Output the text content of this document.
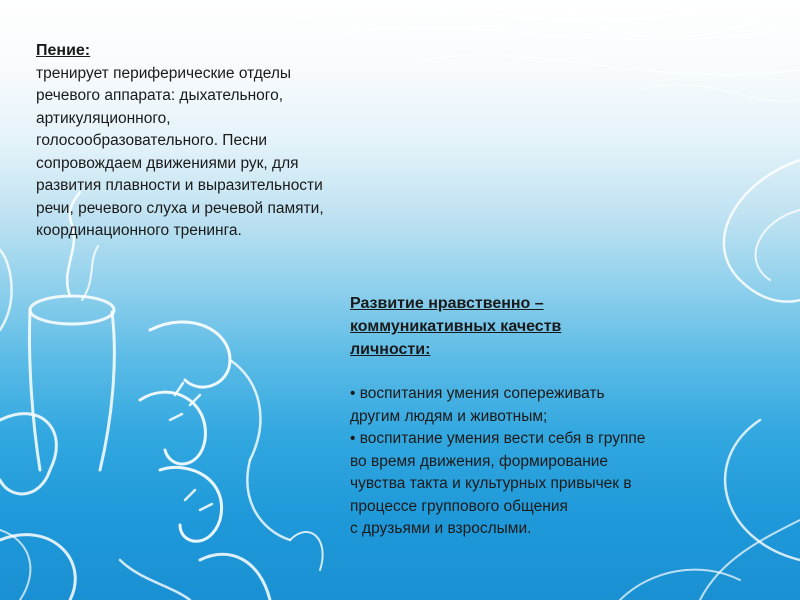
Пение:

тренирует периферические отделы

речевого аппарата: дыхательного,

артикуляционного,

голосообразовательного. Песни

сопровождаем движениями рук, для

развития плавности и выразительности

речи, речевого слуха и речевой памяти,

координационного тренинга.

Развитие нравственно –

коммуникативных качеств

личности:

• воспитания умения сопереживать

другим людям и животным;

• воспитание умения вести себя в группе

во время движения, формирование

чувства такта и культурных привычек в

процессе группового общения

с друзьями и взрослыми.
